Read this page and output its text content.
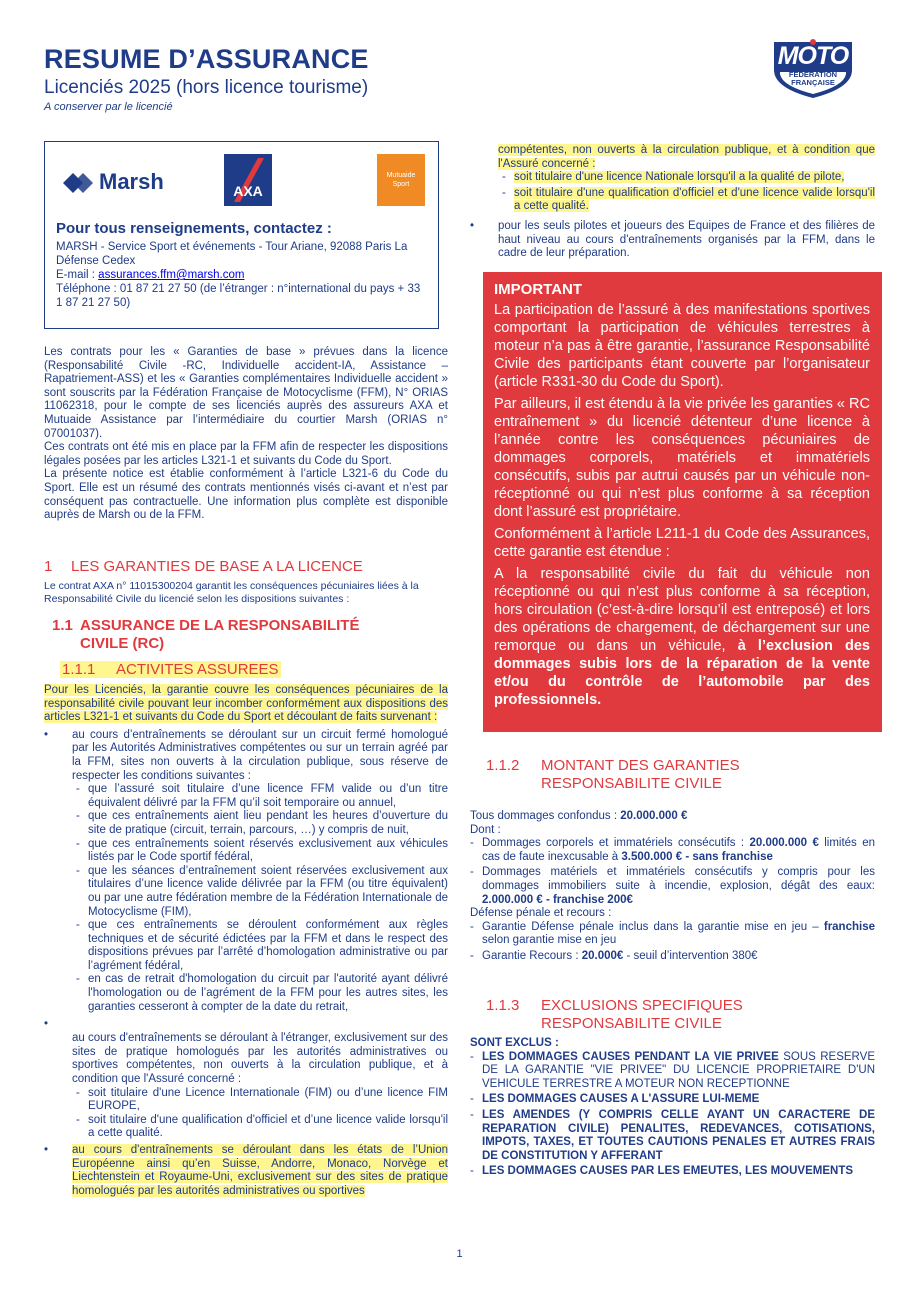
RESUME D’ASSURANCE
Licenciés 2025 (hors licence tourisme)
A conserver par le licencié
MOTO
FÉDÉRATION
FRANÇAISE
Marsh	AXA
Mutuaide
Sport
Pour tous renseignements, contactez :
MARSH - Service Sport et événements - Tour Ariane, 92088 Paris La Défense Cedex
E-mail : assurances.ffm@marsh.com
Téléphone : 01 87 21 27 50 (de l’étranger : n°international du pays + 33 1 87 21 27 50)

Les contrats pour les « Garanties de base » prévues dans la licence (Responsabilité Civile -RC, Individuelle accident-IA, Assistance – Rapatriement-ASS) et les « Garanties complémentaires Individuelle accident » sont souscrits par la Fédération Française de Motocyclisme (FFM), N° ORIAS 11062318, pour le compte de ses licenciés auprès des assureurs AXA et Mutuaide Assistance par l’intermédiaire du courtier Marsh (ORIAS n° 07001037).

Ces contrats ont été mis en place par la FFM afin de respecter les dispositions légales posées par les articles L321-1 et suivants du Code du Sport.

La présente notice est établie conformément à l’article L321-6 du Code du Sport. Elle est un résumé des contrats mentionnés visés ci-avant et n’est par conséquent pas contractuelle. Une information plus complète est disponible auprès de Marsh ou de la FFM.

1 LES GARANTIES DE BASE A LA LICENCE
Le contrat AXA n° 11015300204 garantit les conséquences pécuniaires liées à la Responsabilité Civile du licencié selon les dispositions suivantes :
1.1 ASSURANCE DE LA RESPONSABILITÉ
CIVILE (RC)
1.1.1 ACTIVITES ASSUREES

Pour les Licenciés, la garantie couvre les conséquences pécuniaires de la responsabilité civile pouvant leur incomber conformément aux dispositions des articles L321-1 et suivants du Code du Sport et découlant de faits survenant :

• au cours d’entraînements se déroulant sur un circuit fermé homologué par les Autorités Administratives compétentes ou sur un terrain agréé par la FFM, sites non ouverts à la circulation publique, sous réserve de respecter les conditions suivantes :
- que l’assuré soit titulaire d’une licence FFM valide ou d’un titre équivalent délivré par la FFM qu’il soit temporaire ou annuel,
- que ces entraînements aient lieu pendant les heures d’ouverture du site de pratique (circuit, terrain, parcours, …) y compris de nuit,
- que ces entraînements soient réservés exclusivement aux véhicules listés par le Code sportif fédéral,
- que les séances d’entraînement soient réservées exclusivement aux titulaires d’une licence valide délivrée par la FFM (ou titre équivalent) ou par une autre fédération membre de la Fédération Internationale de Motocyclisme (FIM),
- que ces entraînements se déroulent conformément aux règles techniques et de sécurité édictées par la FFM et dans le respect des dispositions prévues par l’arrêté d’homologation administrative ou par l’agrément fédéral,
- en cas de retrait d'homologation du circuit par l'autorité ayant délivré l'homologation ou de l’agrément de la FFM pour les autres sites, les garanties cesseront à compter de la date du retrait,
•
au cours d'entraînements se déroulant à l'étranger, exclusivement sur des sites de pratique homologués par les autorités administratives ou sportives compétentes, non ouverts à la circulation publique, et à condition que l'Assuré concerné :
- soit titulaire d'une Licence Internationale (FIM) ou d’une licence FIM EUROPE,
- soit titulaire d'une qualification d'officiel et d’une licence valide lorsqu'il a cette qualité.
• au cours d'entraînements se déroulant dans les états de l’Union Européenne ainsi qu’en Suisse, Andorre, Monaco, Norvège et Liechtenstein et Royaume-Uni, exclusivement sur des sites de pratique homologués par les autorités administratives ou sportives
compétentes, non ouverts à la circulation publique, et à condition que l'Assuré concerné :
- soit titulaire d'une licence Nationale lorsqu'il a la qualité de pilote,
- soit titulaire d'une qualification d'officiel et d'une licence valide lorsqu'il a cette qualité.
• pour les seuls pilotes et joueurs des Equipes de France et des filières de haut niveau au cours d'entraînements organisés par la FFM, dans le cadre de leur préparation.
IMPORTANT

La participation de l’assuré à des manifestations sportives comportant la participation de véhicules terrestres à moteur n’a pas à être garantie, l’assurance Responsabilité Civile des participants étant couverte par l’organisateur (article R331-30 du Code du Sport).

Par ailleurs, il est étendu à la vie privée les garanties « RC entraînement » du licencié détenteur d’une licence à l’année contre les conséquences pécuniaires de dommages corporels, matériels et immatériels consécutifs, subis par autrui causés par un véhicule non-réceptionné ou qui n’est plus conforme à sa réception dont l’assuré est propriétaire.

Conformément à l’article L211-1 du Code des Assurances, cette garantie est étendue :

A la responsabilité civile du fait du véhicule non réceptionné ou qui n’est plus conforme à sa réception, hors circulation (c’est-à-dire lorsqu’il est entreposé) et lors des opérations de chargement, de déchargement sur une remorque ou dans un véhicule, à l’exclusion des dommages subis lors de la réparation de la vente et/ou du contrôle de l’automobile par des professionnels.

1.1.2 MONTANT DES GARANTIES
RESPONSABILITE CIVILE
Tous dommages confondus : 20.000.000 €
Dont :
- Dommages corporels et immatériels consécutifs : 20.000.000 € limités en cas de faute inexcusable à 3.500.000 € - sans franchise
- Dommages matériels et immatériels consécutifs y compris pour les dommages immobiliers suite à incendie, explosion, dégât des eaux: 2.000.000 € - franchise 200€
Défense pénale et recours :
- Garantie Défense pénale inclus dans la garantie mise en jeu – franchise selon garantie mise en jeu
- Garantie Recours : 20.000€ - seuil d’intervention 380€
1.1.3 EXCLUSIONS SPECIFIQUES
RESPONSABILITE CIVILE
SONT EXCLUS :
- LES DOMMAGES CAUSES PENDANT LA VIE PRIVEE SOUS RESERVE DE LA GARANTIE "VIE PRIVEE" DU LICENCIE PROPRIETAIRE D'UN VEHICULE TERRESTRE A MOTEUR NON RECEPTIONNE
- LES DOMMAGES CAUSES A L'ASSURE LUI-MEME
- LES AMENDES (Y COMPRIS CELLE AYANT UN CARACTERE DE REPARATION CIVILE) PENALITES, REDEVANCES, COTISATIONS, IMPOTS, TAXES, ET TOUTES CAUTIONS PENALES ET AUTRES FRAIS DE CONSTITUTION Y AFFERANT
- LES DOMMAGES CAUSES PAR LES EMEUTES, LES MOUVEMENTS
1
